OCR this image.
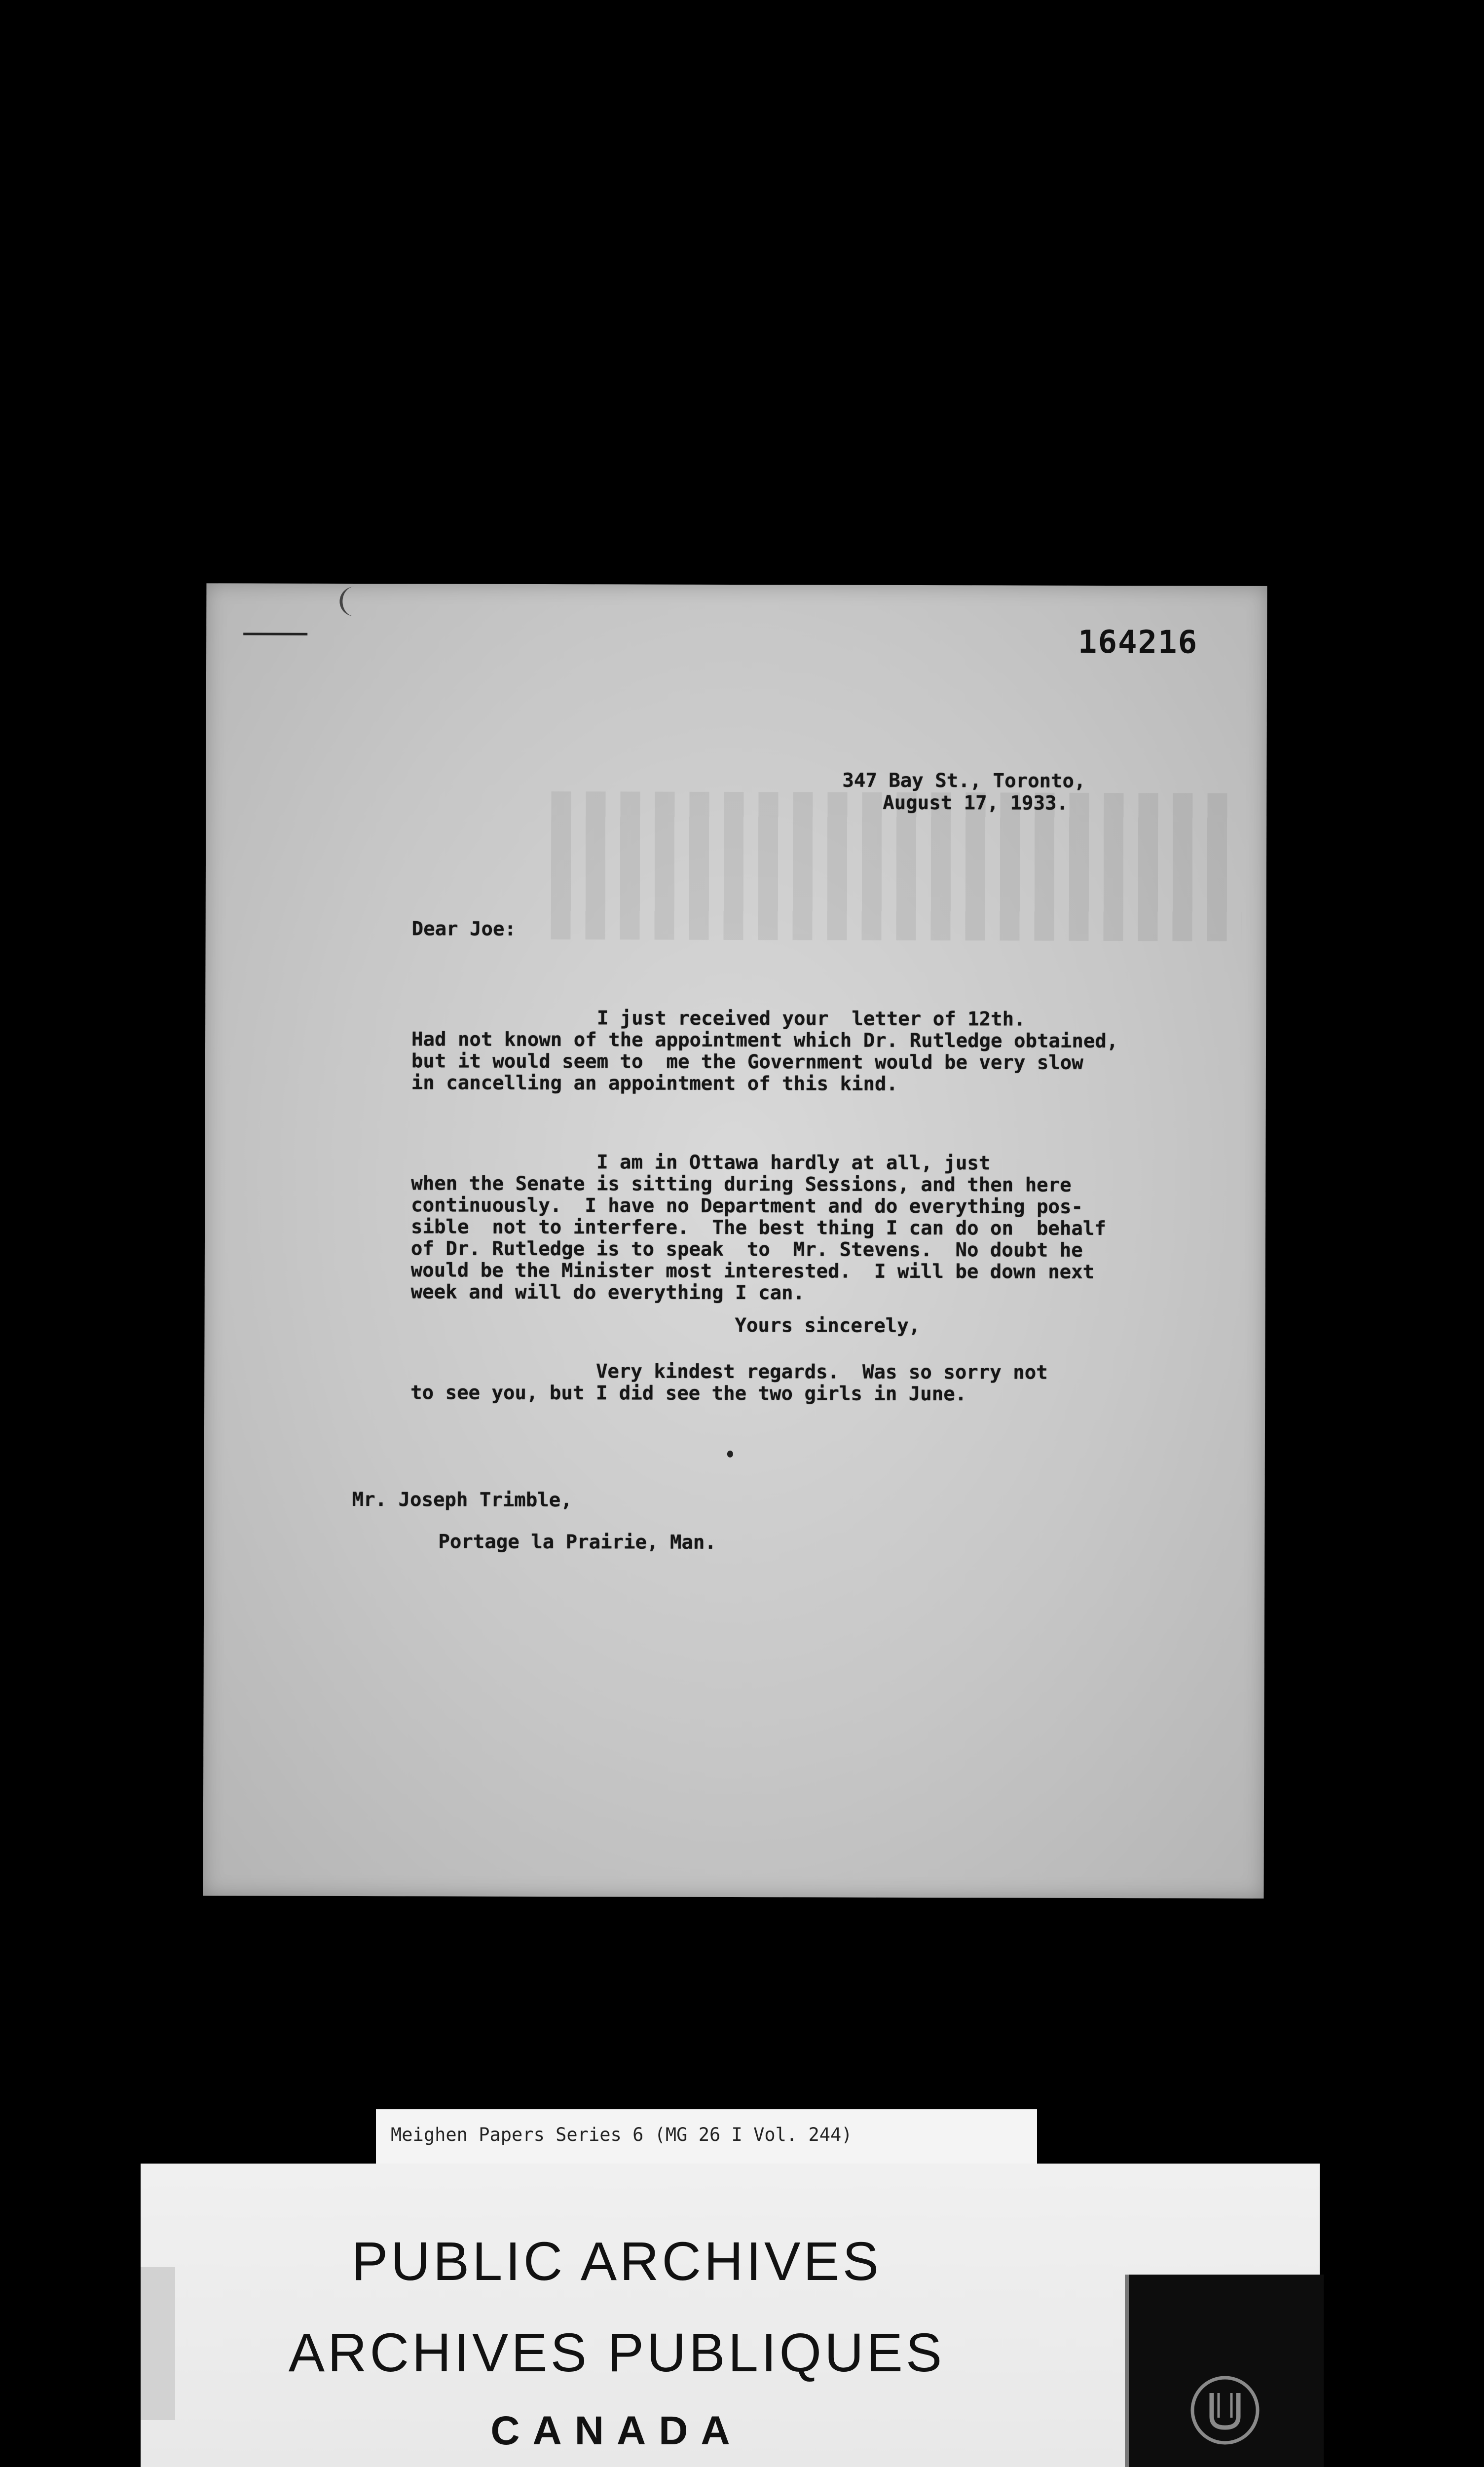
164216
347 Bay St., Toronto,
August 17, 1933.
Dear Joe:

I just received your  letter of 12th.
Had not known of the appointment which Dr. Rutledge obtained,
but it would seem to  me the Government would be very slow
in cancelling an appointment of this kind.

I am in Ottawa hardly at all, just
when the Senate is sitting during Sessions, and then here
continuously.  I have no Department and do everything pos-
sible  not to interfere.  The best thing I can do on  behalf
of Dr. Rutledge is to speak  to  Mr. Stevens.  No doubt he
would be the Minister most interested.  I will be down next
week and will do everything I can.

Very kindest regards.  Was so sorry not
to see you, but I did see the two girls in June.

Yours sincerely,
Mr. Joseph Trimble,
Portage la Prairie, Man.
Meighen Papers Series 6 (MG 26 I Vol. 244)
PUBLIC ARCHIVES
ARCHIVES PUBLIQUES
CANADA
